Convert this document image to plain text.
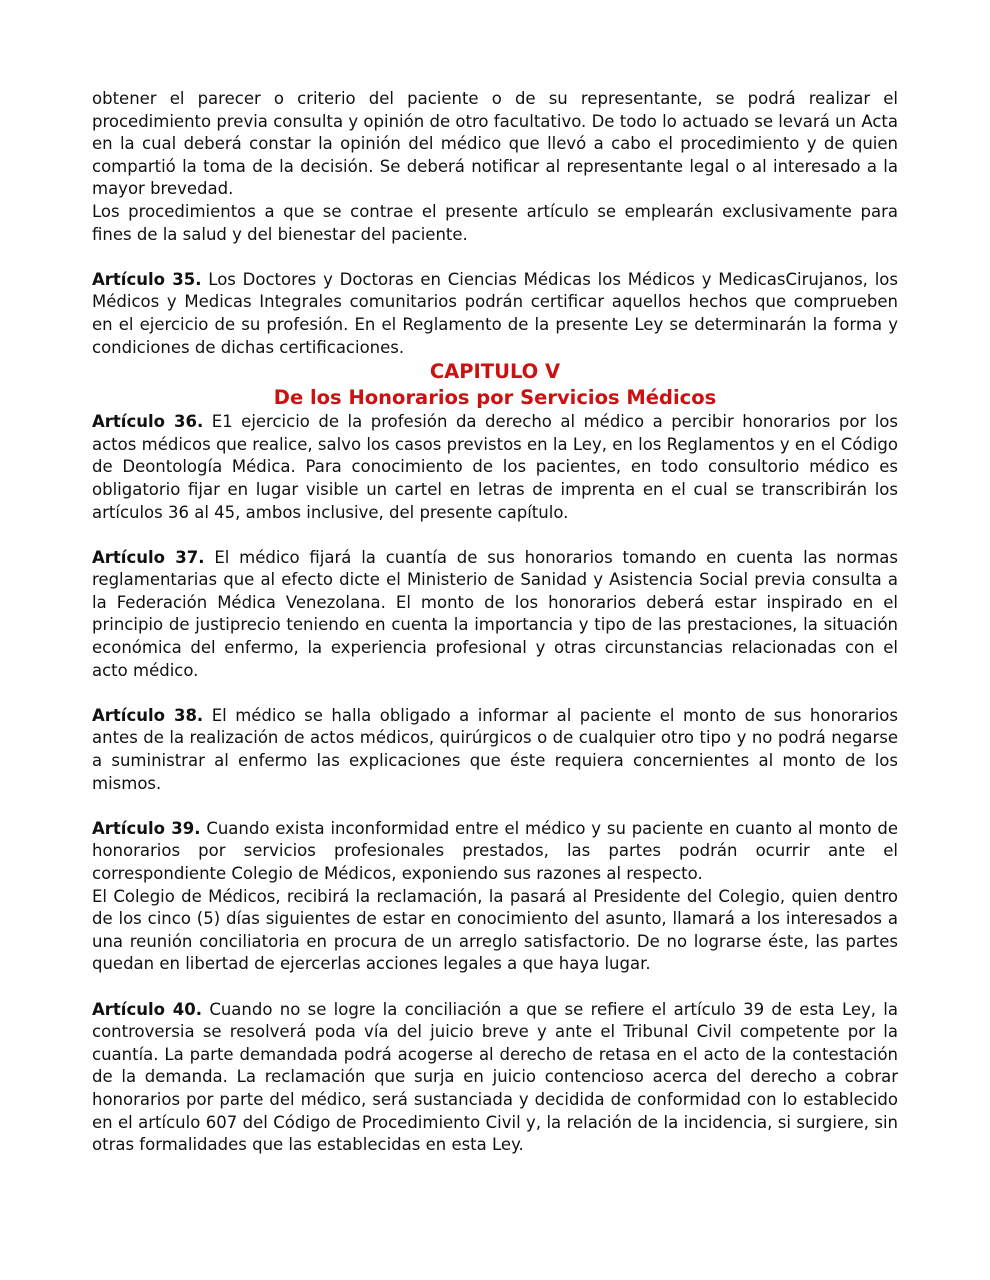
obtener el parecer o criterio del paciente o de su representante, se podrá realizar el procedimiento previa consulta y opinión de otro facultativo. De todo lo actuado se levará un Acta en la cual deberá constar la opinión del médico que llevó a cabo el procedimiento y de quien compartió la toma de la decisión. Se deberá notificar al representante legal o al interesado a la mayor brevedad.

Los procedimientos a que se contrae el presente artículo se emplearán exclusivamente para fines de la salud y del bienestar del paciente.

Artículo 35. Los Doctores y Doctoras en Ciencias Médicas los Médicos y MedicasCirujanos, los Médicos y Medicas Integrales comunitarios podrán certificar aquellos hechos que comprueben en el ejercicio de su profesión. En el Reglamento de la presente Ley se determinarán la forma y condiciones de dichas certificaciones.

CAPITULO V
De los Honorarios por Servicios Médicos

Artículo 36. E1 ejercicio de la profesión da derecho al médico a percibir honorarios por los actos médicos que realice, salvo los casos previstos en la Ley, en los Reglamentos y en el Código de Deontología Médica. Para conocimiento de los pacientes, en todo consultorio médico es obligatorio fijar en lugar visible un cartel en letras de imprenta en el cual se transcribirán los artículos 36 al 45, ambos inclusive, del presente capítulo.

Artículo 37. El médico fijará la cuantía de sus honorarios tomando en cuenta las normas reglamentarias que al efecto dicte el Ministerio de Sanidad y Asistencia Social previa consulta a la Federación Médica Venezolana. El monto de los honorarios deberá estar inspirado en el principio de justiprecio teniendo en cuenta la importancia y tipo de las prestaciones, la situación económica del enfermo, la experiencia profesional y otras circunstancias relacionadas con el acto médico.

Artículo 38. El médico se halla obligado a informar al paciente el monto de sus honorarios antes de la realización de actos médicos, quirúrgicos o de cualquier otro tipo y no podrá negarse a suministrar al enfermo las explicaciones que éste requiera concernientes al monto de los mismos.

Artículo 39. Cuando exista inconformidad entre el médico y su paciente en cuanto al monto de honorarios por servicios profesionales prestados, las partes podrán ocurrir ante el correspondiente Colegio de Médicos, exponiendo sus razones al respecto.

El Colegio de Médicos, recibirá la reclamación, la pasará al Presidente del Colegio, quien dentro de los cinco (5) días siguientes de estar en conocimiento del asunto, llamará a los interesados a una reunión conciliatoria en procura de un arreglo satisfactorio. De no lograrse éste, las partes quedan en libertad de ejercerlas acciones legales a que haya lugar.

Artículo 40. Cuando no se logre la conciliación a que se refiere el artículo 39 de esta Ley, la controversia se resolverá poda vía del juicio breve y ante el Tribunal Civil competente por la cuantía. La parte demandada podrá acogerse al derecho de retasa en el acto de la contestación de la demanda. La reclamación que surja en juicio contencioso acerca del derecho a cobrar honorarios por parte del médico, será sustanciada y decidida de conformidad con lo establecido en el artículo 607 del Código de Procedimiento Civil y, la relación de la incidencia, si surgiere, sin otras formalidades que las establecidas en esta Ley.
